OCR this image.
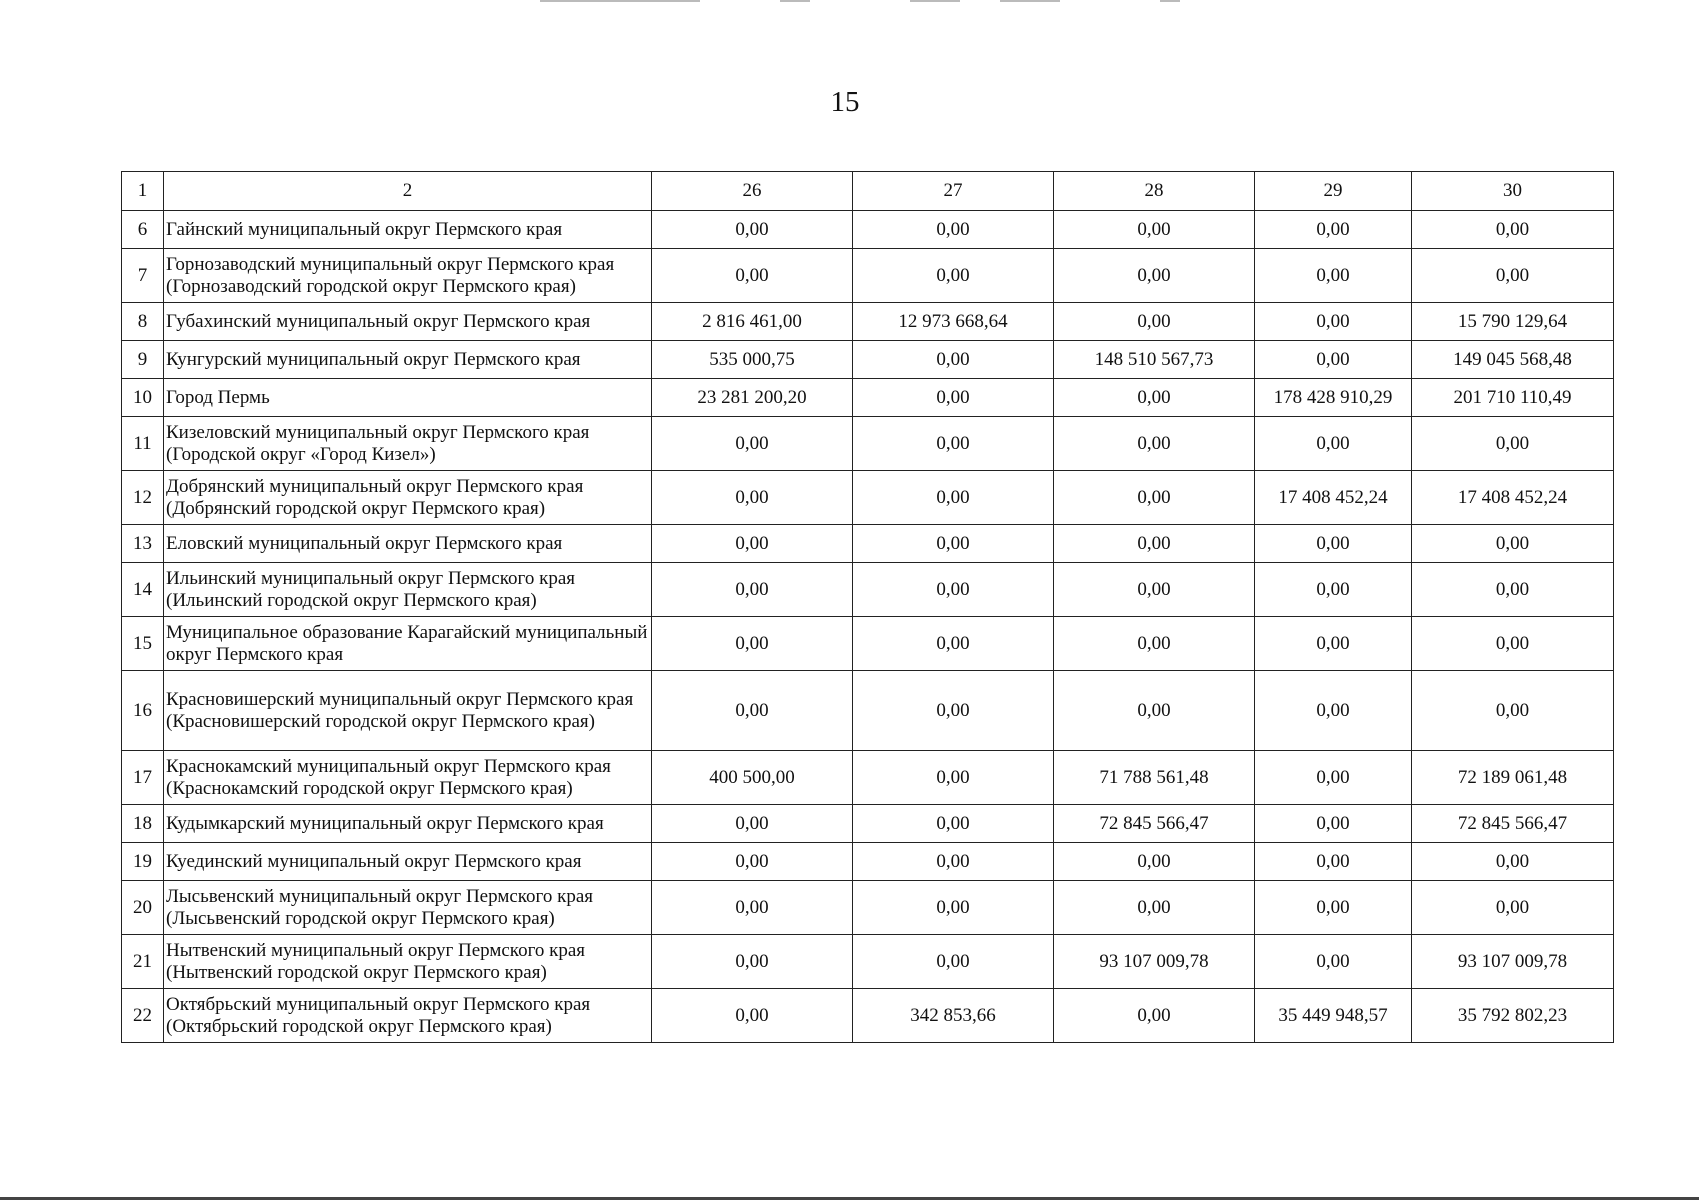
15
1	2	26	27	28	29	30
6	Гайнский муниципальный округ Пермского края	0,00	0,00	0,00	0,00	0,00
7	Горнозаводский муниципальный округ Пермского края (Горнозаводский городской округ Пермского края)	0,00	0,00	0,00	0,00	0,00
8	Губахинский муниципальный округ Пермского края	2 816 461,00	12 973 668,64	0,00	0,00	15 790 129,64
9	Кунгурский муниципальный округ Пермского края	535 000,75	0,00	148 510 567,73	0,00	149 045 568,48
10	Город Пермь	23 281 200,20	0,00	0,00	178 428 910,29	201 710 110,49
11	Кизеловский муниципальный округ Пермского края (Городской округ «Город Кизел»)	0,00	0,00	0,00	0,00	0,00
12	Добрянский муниципальный округ Пермского края (Добрянский городской округ Пермского края)	0,00	0,00	0,00	17 408 452,24	17 408 452,24
13	Еловский муниципальный округ Пермского края	0,00	0,00	0,00	0,00	0,00
14	Ильинский муниципальный округ Пермского края (Ильинский городской округ Пермского края)	0,00	0,00	0,00	0,00	0,00
15	Муниципальное образование Карагайский муниципальный округ Пермского края	0,00	0,00	0,00	0,00	0,00
16	Красновишерский муниципальный округ Пермского края (Красновишерский городской округ Пермского края)	0,00	0,00	0,00	0,00	0,00
17	Краснокамский муниципальный округ Пермского края (Краснокамский городской округ Пермского края)	400 500,00	0,00	71 788 561,48	0,00	72 189 061,48
18	Кудымкарский муниципальный округ Пермского края	0,00	0,00	72 845 566,47	0,00	72 845 566,47
19	Куединский муниципальный округ Пермского края	0,00	0,00	0,00	0,00	0,00
20	Лысьвенский муниципальный округ Пермского края (Лысьвенский городской округ Пермского края)	0,00	0,00	0,00	0,00	0,00
21	Нытвенский муниципальный округ Пермского края (Нытвенский городской округ Пермского края)	0,00	0,00	93 107 009,78	0,00	93 107 009,78
22	Октябрьский муниципальный округ Пермского края (Октябрьский городской округ Пермского края)	0,00	342 853,66	0,00	35 449 948,57	35 792 802,23
